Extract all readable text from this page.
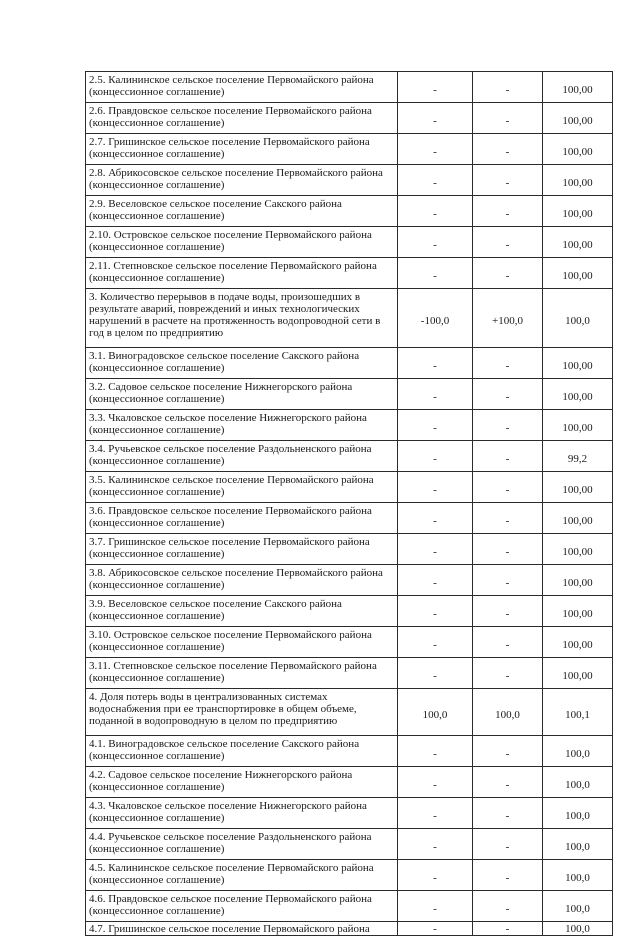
2.5. Калининское сельское поселение Первомайского района (концессионное соглашение)	-	-	100,00
2.6. Правдовское сельское поселение Первомайского района (концессионное соглашение)	-	-	100,00
2.7. Гришинское сельское поселение Первомайского района (концессионное соглашение)	-	-	100,00
2.8. Абрикосовское сельское поселение Первомайского района (концессионное соглашение)	-	-	100,00
2.9. Веселовское сельское поселение Сакского района (концессионное соглашение)	-	-	100,00
2.10. Островское сельское поселение Первомайского района (концессионное соглашение)	-	-	100,00
2.11. Степновское сельское поселение Первомайского района (концессионное соглашение)	-	-	100,00
3. Количество перерывов в подаче воды, произошедших в результате аварий, повреждений и иных технологических нарушений в расчете на протяженность водопроводной сети в год в целом по предприятию	-100,0	+100,0	100,0
3.1. Виноградовское сельское поселение Сакского района (концессионное соглашение)	-	-	100,00
3.2. Садовое сельское поселение Нижнегорского района (концессионное соглашение)	-	-	100,00
3.3. Чкаловское сельское поселение Нижнегорского района (концессионное соглашение)	-	-	100,00
3.4. Ручьевское сельское поселение Раздольненского района (концессионное соглашение)	-	-	99,2
3.5. Калининское сельское поселение Первомайского района (концессионное соглашение)	-	-	100,00
3.6. Правдовское сельское поселение Первомайского района (концессионное соглашение)	-	-	100,00
3.7. Гришинское сельское поселение Первомайского района (концессионное соглашение)	-	-	100,00
3.8. Абрикосовское сельское поселение Первомайского района (концессионное соглашение)	-	-	100,00
3.9. Веселовское сельское поселение Сакского района (концессионное соглашение)	-	-	100,00
3.10. Островское сельское поселение Первомайского района (концессионное соглашение)	-	-	100,00
3.11. Степновское сельское поселение Первомайского района (концессионное соглашение)	-	-	100,00
4. Доля потерь воды в централизованных системах водоснабжения при ее транспортировке в общем объеме, поданной в водопроводную в целом по предприятию	100,0	100,0	100,1
4.1. Виноградовское сельское поселение Сакского района (концессионное соглашение)	-	-	100,0
4.2. Садовое сельское поселение Нижнегорского района (концессионное соглашение)	-	-	100,0
4.3. Чкаловское сельское поселение Нижнегорского района (концессионное соглашение)	-	-	100,0
4.4. Ручьевское сельское поселение Раздольненского района (концессионное соглашение)	-	-	100,0
4.5. Калининское сельское поселение Первомайского района (концессионное соглашение)	-	-	100,0
4.6. Правдовское сельское поселение Первомайского района (концессионное соглашение)	-	-	100,0
4.7. Гришинское сельское поселение Первомайского района	-	-	100,0
